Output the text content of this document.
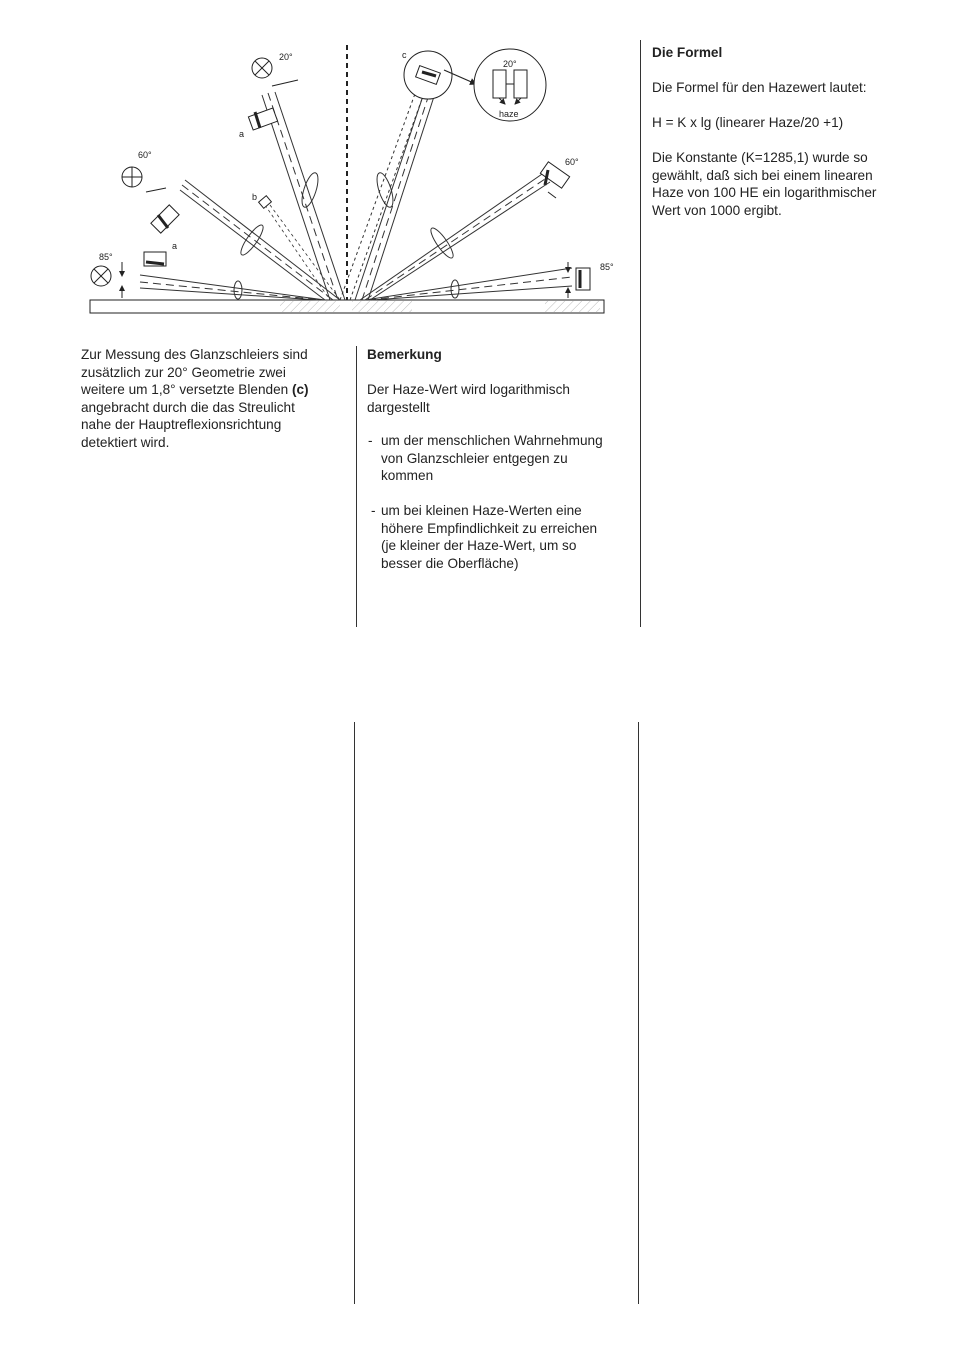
20°
a
60°
b
a
85°
c
20°
haze
60°
85°

Zur Messung des Glanzschleiers sind

zusätzlich zur 20° Geometrie zwei

weitere um 1,8° versetzte Blenden (c)

angebracht durch die das Streulicht

nahe der Hauptreflexionsrichtung

detektiert wird.

Bemerkung

Der Haze-Wert wird logarithmisch

dargestellt

- um der menschlichen Wahrnehmung

von Glanzschleier entgegen zu

kommen

- um bei kleinen Haze-Werten eine

höhere Empfindlichkeit zu erreichen

(je kleiner der Haze-Wert, um so

besser die Oberfläche)

Die Formel

Die Formel für den Hazewert lautet:

H = K x lg (linearer Haze/20 +1)

Die Konstante (K=1285,1) wurde so

gewählt, daß sich bei einem linearen

Haze von 100 HE ein logarithmischer

Wert von 1000 ergibt.
